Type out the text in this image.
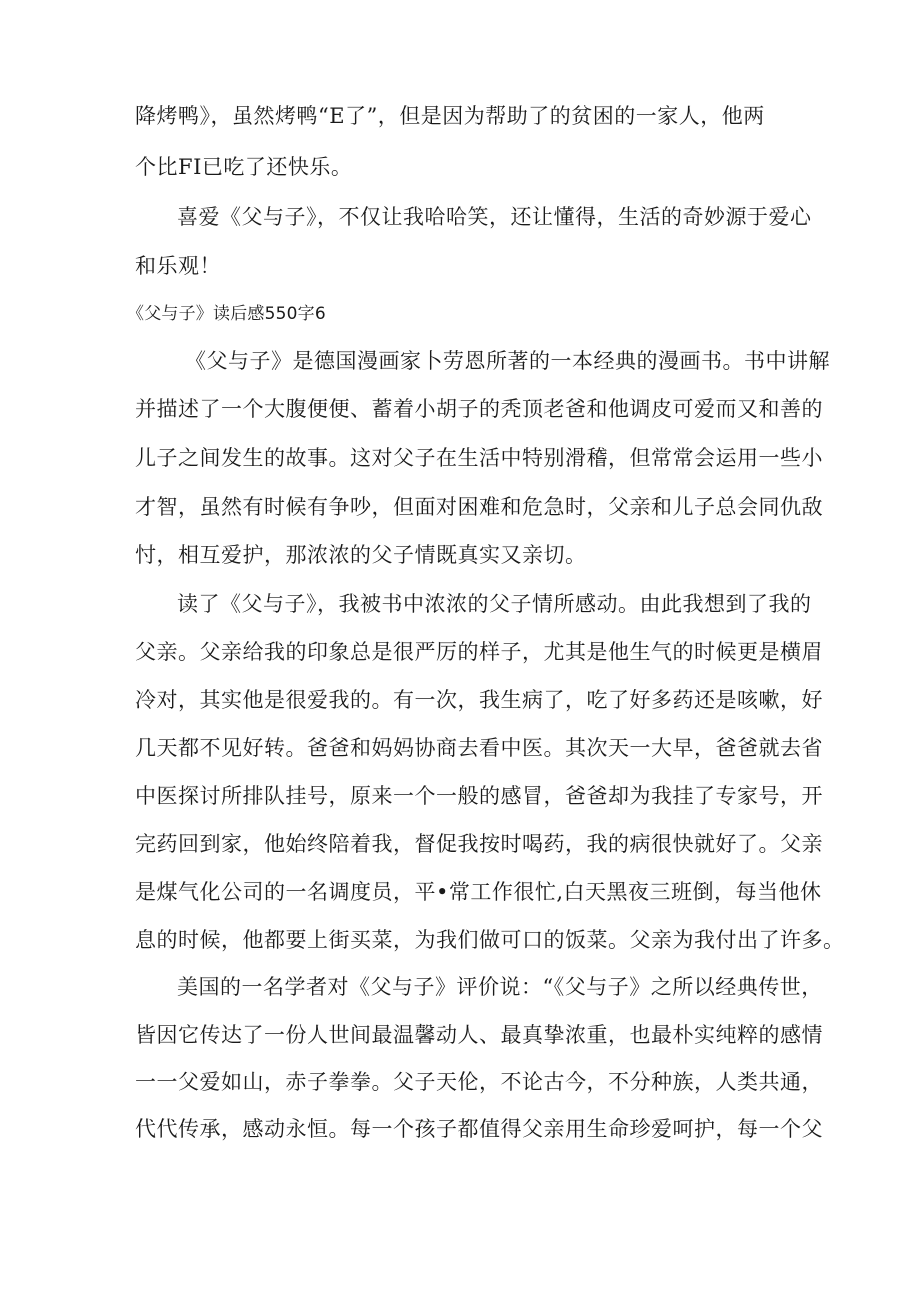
降烤鸭》，虽然烤鸭“E了”，但是因为帮助了的贫困的一家人，他两
个比FI已吃了还快乐。
喜爱《父与子》，不仅让我哈哈笑，还让懂得，生活的奇妙源于爱心
和乐观！
《父与子》读后感550字6
《父与子》是德国漫画家卜劳恩所著的一本经典的漫画书。书中讲解
并描述了一个大腹便便、蓄着小胡子的秃顶老爸和他调皮可爱而又和善的
儿子之间发生的故事。这对父子在生活中特别滑稽，但常常会运用一些小
才智，虽然有时候有争吵，但面对困难和危急时，父亲和儿子总会同仇敌
忖，相互爱护，那浓浓的父子情既真实又亲切。
读了《父与子》，我被书中浓浓的父子情所感动。由此我想到了我的
父亲。父亲给我的印象总是很严厉的样子，尤其是他生气的时候更是横眉
冷对，其实他是很爱我的。有一次，我生病了，吃了好多药还是咳嗽，好
几天都不见好转。爸爸和妈妈协商去看中医。其次天一大早，爸爸就去省
中医探讨所排队挂号，原来一个一般的感冒，爸爸却为我挂了专家号，开
完药回到家，他始终陪着我，督促我按时喝药，我的病很快就好了。父亲
是煤气化公司的一名调度员，平•常工作很忙,白天黑夜三班倒，每当他休
息的时候，他都要上街买菜，为我们做可口的饭菜。父亲为我付出了许多。
美国的一名学者对《父与子》评价说：“《父与子》之所以经典传世，
皆因它传达了一份人世间最温馨动人、最真挚浓重，也最朴实纯粹的感情
一一父爱如山，赤子拳拳。父子天伦，不论古今，不分种族，人类共通，
代代传承，感动永恒。每一个孩子都值得父亲用生命珍爱呵护，每一个父
